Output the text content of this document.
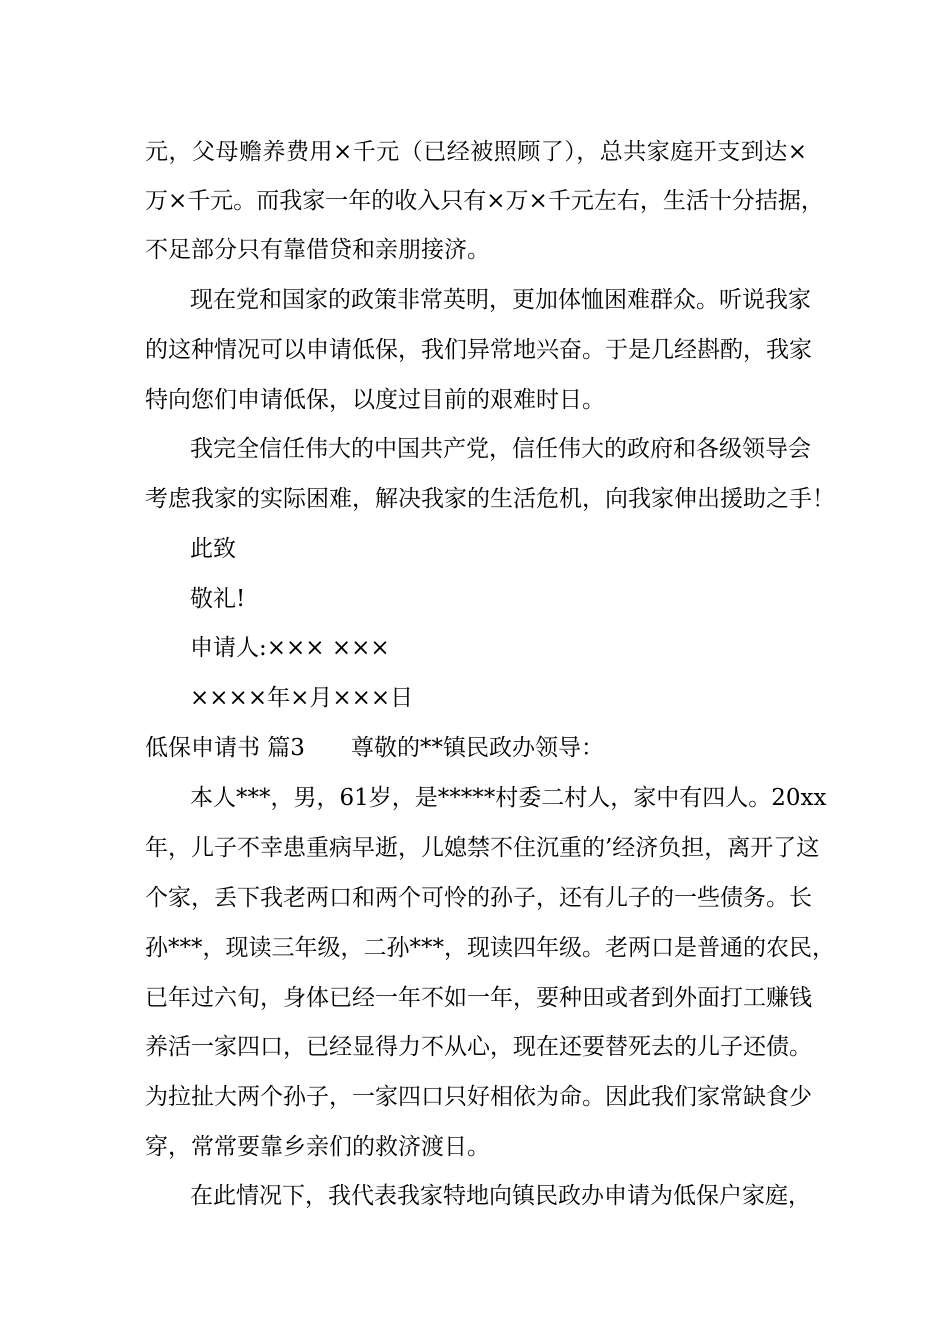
元，父母赡养费用×千元（已经被照顾了），总共家庭开支到达×
万×千元。而我家一年的收入只有×万×千元左右，生活十分拮据，
不足部分只有靠借贷和亲朋接济。
现在党和国家的政策非常英明，更加体恤困难群众。听说我家
的这种情况可以申请低保，我们异常地兴奋。于是几经斟酌，我家
特向您们申请低保，以度过目前的艰难时日。
我完全信任伟大的中国共产党，信任伟大的政府和各级领导会
考虑我家的实际困难，解决我家的生活危机，向我家伸出援助之手！
此致
敬礼!
申请人:××× ×××
××××年×月×××日
低保申请书 篇3　　尊敬的**镇民政办领导：
本人***，男，61岁，是*****村委二村人，家中有四人。20xx
年，儿子不幸患重病早逝，儿媳禁不住沉重的’经济负担，离开了这
个家，丢下我老两口和两个可怜的孙子，还有儿子的一些债务。长
孙***，现读三年级，二孙***，现读四年级。老两口是普通的农民，
已年过六旬，身体已经一年不如一年，要种田或者到外面打工赚钱
养活一家四口，已经显得力不从心，现在还要替死去的儿子还债。
为拉扯大两个孙子，一家四口只好相依为命。因此我们家常缺食少
穿，常常要靠乡亲们的救济渡日。
在此情况下，我代表我家特地向镇民政办申请为低保户家庭，
